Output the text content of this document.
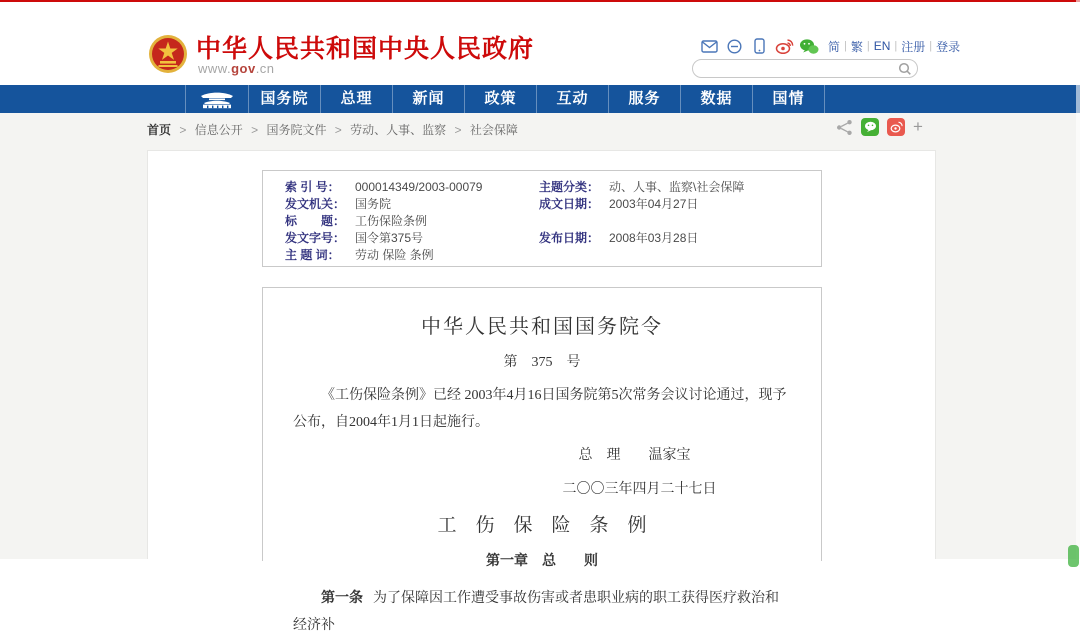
中华人民共和国中央人民政府
www.gov.cn
简 | 繁 | EN | 注册 | 登录
国务院	总理	新闻	政策	互动	服务	数据	国情
首页 > 信息公开 > 国务院文件 > 劳动、人事、监察 > 社会保障	+
索 引 号： 000014349/2003-00079
发文机关： 国务院
标　　题： 工伤保险条例
发文字号： 国令第375号
主 题 词： 劳动 保险 条例
主题分类： 动、人事、监察\社会保障
成文日期： 2003年04月27日
发布日期： 2008年03月28日
中华人民共和国国务院令
第　375　号
《工伤保险条例》已经 2003年4月16日国务院第5次常务会议讨论通过，现予公布，自2004年1月1日起施行。
总　理　　温家宝
二〇〇三年四月二十七日
工　伤　保　险　条　例
第一章　总　　则
第一条 为了保障因工作遭受事故伤害或者患职业病的职工获得医疗救治和经济补
